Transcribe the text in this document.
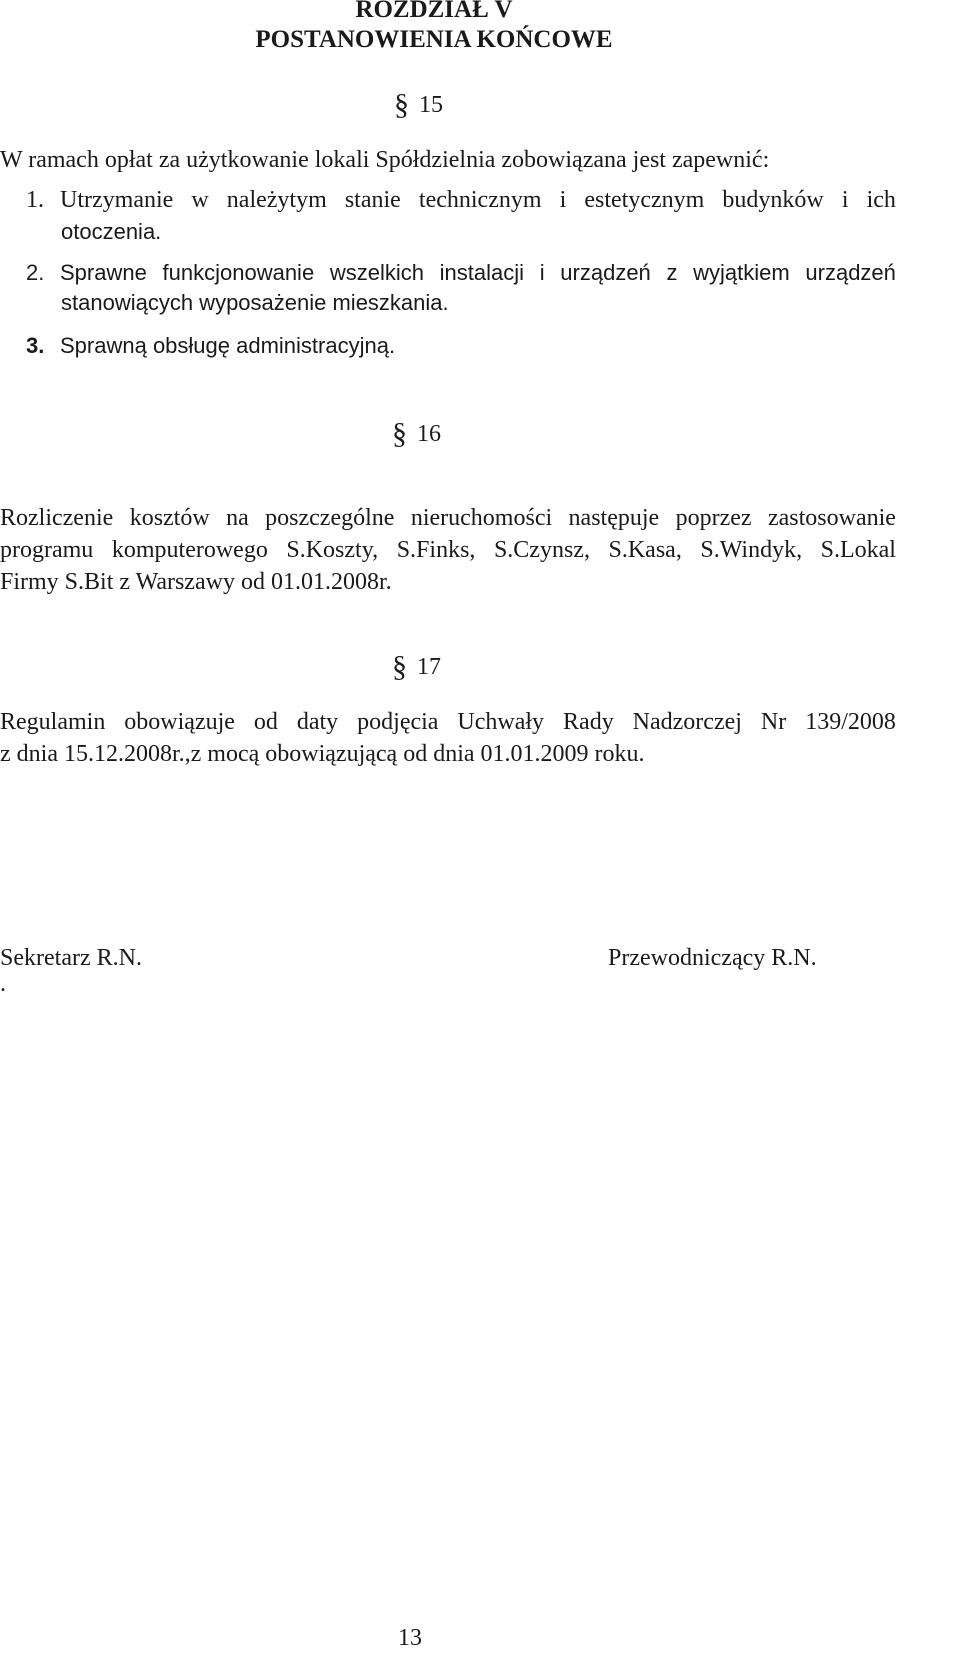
ROZDZIAŁ V
POSTANOWIENIA KOŃCOWE
§ 15
W ramach opłat za użytkowanie lokali Spółdzielnia zobowiązana jest zapewnić:
1. Utrzymanie w należytym stanie technicznym i estetycznym budynków i ich
otoczenia.
2. Sprawne funkcjonowanie wszelkich instalacji i urządzeń z wyjątkiem urządzeń
stanowiących wyposażenie mieszkania.
3. Sprawną obsługę administracyjną.
§ 16
Rozliczenie kosztów na poszczególne nieruchomości następuje poprzez zastosowanie
programu komputerowego S.Koszty, S.Finks, S.Czynsz, S.Kasa, S.Windyk, S.Lokal
Firmy S.Bit z Warszawy od 01.01.2008r.
§ 17
Regulamin obowiązuje od daty podjęcia Uchwały Rady Nadzorczej Nr 139/2008
z dnia 15.12.2008r.,z mocą obowiązującą od dnia 01.01.2009 roku.
Sekretarz R.N.
.
Przewodniczący R.N.
13
